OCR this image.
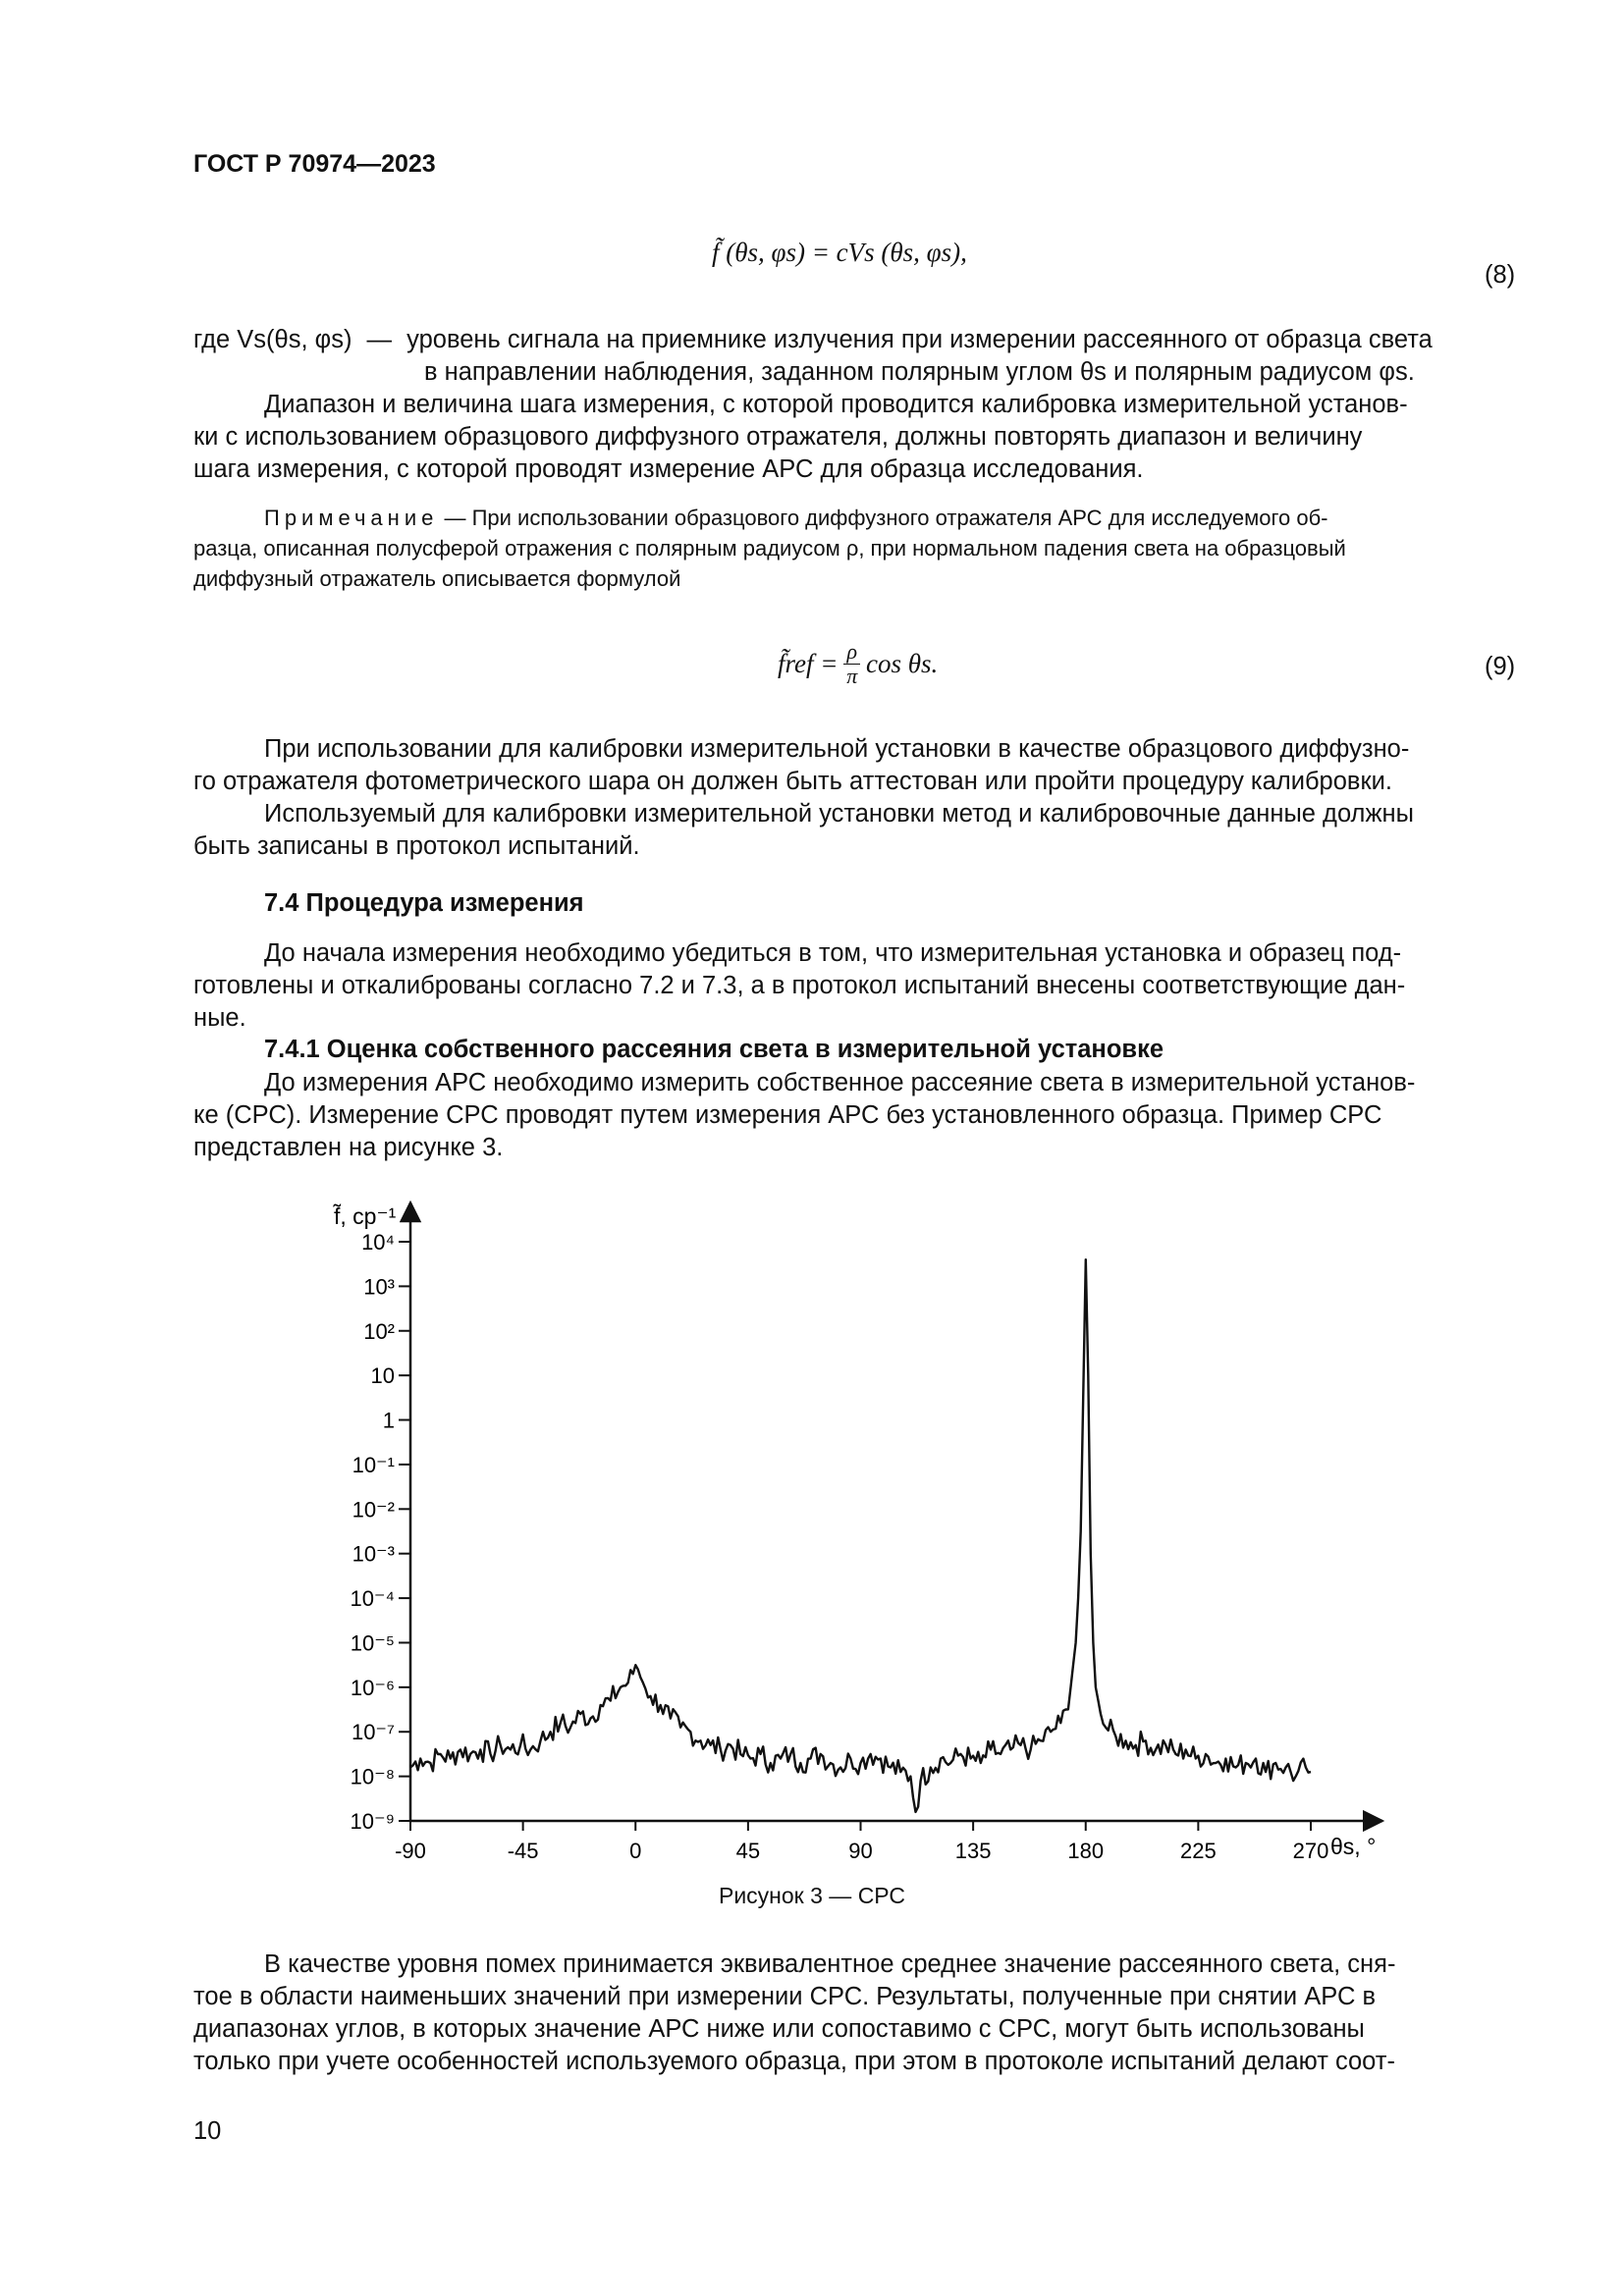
ГОСТ Р 70974—2023
f̃ (θs, φs) = cVs (θs, φs),
(8)
где Vs(θs, φs) — уровень сигнала на приемнике излучения при измерении рассеянного от образца света
в направлении наблюдения, заданном полярным углом θs и полярным радиусом φs.
Диапазон и величина шага измерения, с которой проводится калибровка измерительной установ-
ки с использованием образцового диффузного отражателя, должны повторять диапазон и величину
шага измерения, с которой проводят измерение АРС для образца исследования.
Примечание — При использовании образцового диффузного отражателя АРС для исследуемого об-
разца, описанная полусферой отражения с полярным радиусом ρ, при нормальном падения света на образцовый
диффузный отражатель описывается формулой
f̃ref = $\frac{\rho}{\pi}$ cos θs.	(9)
При использовании для калибровки измерительной установки в качестве образцового диффузно-
го отражателя фотометрического шара он должен быть аттестован или пройти процедуру калибровки.
Используемый для калибровки измерительной установки метод и калибровочные данные должны
быть записаны в протокол испытаний.
7.4 Процедура измерения
До начала измерения необходимо убедиться в том, что измерительная установка и образец под-
готовлены и откалиброваны согласно 7.2 и 7.3, а в протокол испытаний внесены соответствующие дан-
ные.
7.4.1 Оценка собственного рассеяния света в измерительной установке
До измерения АРС необходимо измерить собственное рассеяние света в измерительной установ-
ке (СРС). Измерение СРС проводят путем измерения АРС без установленного образца. Пример СРС
представлен на рисунке 3.
10⁴
10³
10²
10
1
10⁻¹
10⁻²
10⁻³
10⁻⁴
10⁻⁵
10⁻⁶
10⁻⁷
10⁻⁸
10⁻⁹
-90	-45	0	45	90	135	180	225	270
f̃, ср⁻¹
θs, °
Рисунок 3 — СРС
В качестве уровня помех принимается эквивалентное среднее значение рассеянного света, сня-
тое в области наименьших значений при измерении СРС. Результаты, полученные при снятии АРС в
диапазонах углов, в которых значение АРС ниже или сопоставимо с СРС, могут быть использованы
только при учете особенностей используемого образца, при этом в протоколе испытаний делают соот-
10
